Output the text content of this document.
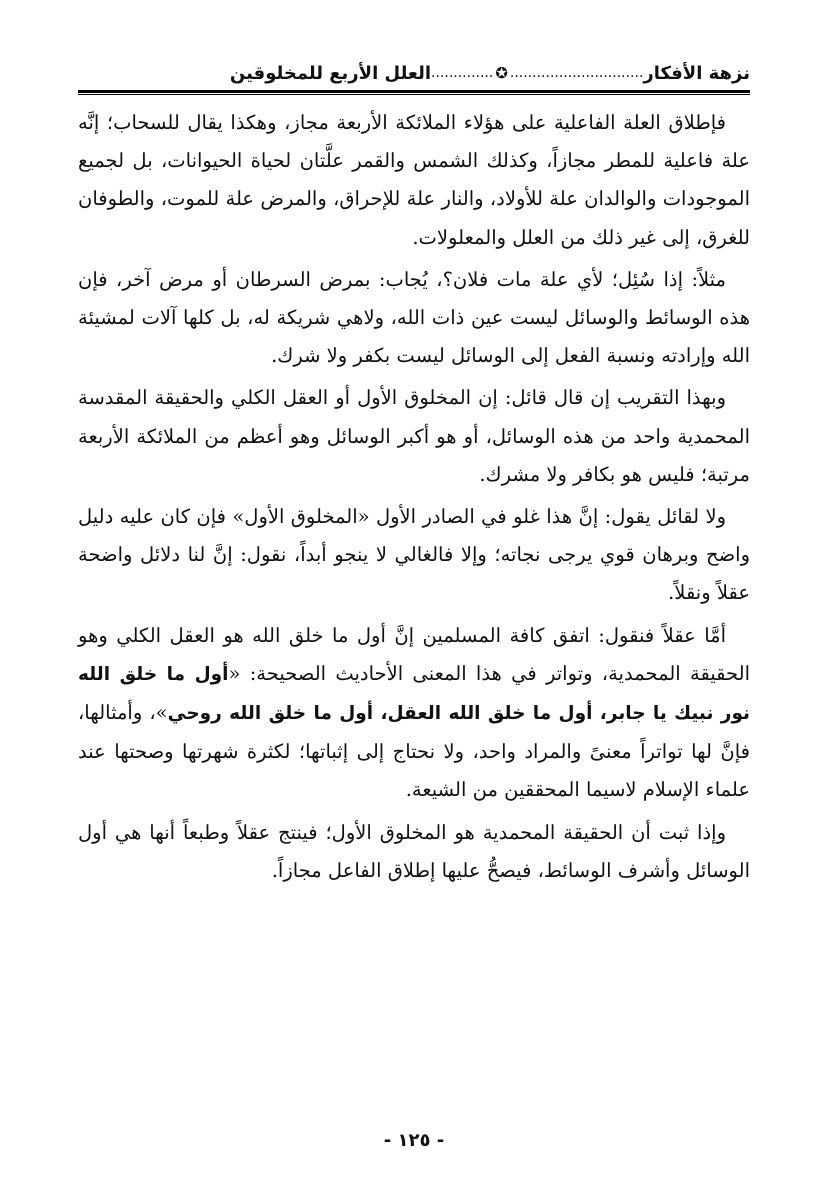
نزهة الأفكار
..............................
✪
..............
العلل الأربع للمخلوقين

فإطلاق العلة الفاعلية على هؤلاء الملائكة الأربعة مجاز، وهكذا يقال للسحاب؛ إنَّه علة فاعلية للمطر مجازاً، وكذلك الشمس والقمر علَّتان لحياة الحيوانات، بل لجميع الموجودات والوالدان علة للأولاد، والنار علة للإحراق، والمرض علة للموت، والطوفان للغرق، إلى غير ذلك من العلل والمعلولات.

مثلاً: إذا سُئِل؛ لأي علة مات فلان؟، يُجاب: بمرض السرطان أو مرض آخر، فإن هذه الوسائط والوسائل ليست عين ذات الله، ولاهي شريكة له، بل كلها آلات لمشيئة الله وإرادته ونسبة الفعل إلى الوسائل ليست بكفر ولا شرك.

وبهذا التقريب إن قال قائل: إن المخلوق الأول أو العقل الكلي والحقيقة المقدسة المحمدية واحد من هذه الوسائل، أو هو أكبر الوسائل وهو أعظم من الملائكة الأربعة مرتبة؛ فليس هو بكافر ولا مشرك.

ولا لقائل يقول: إنَّ هذا غلو في الصادر الأول «المخلوق الأول» فإن كان عليه دليل واضح وبرهان قوي يرجى نجاته؛ وإلا فالغالي لا ينجو أبداً، نقول: إنَّ لنا دلائل واضحة عقلاً ونقلاً.

أمَّا عقلاً فنقول: اتفق كافة المسلمين إنَّ أول ما خلق الله هو العقل الكلي وهو الحقيقة المحمدية، وتواتر في هذا المعنى الأحاديث الصحيحة: «أول ما خلق الله نور نبيك يا جابر، أول ما خلق الله العقل، أول ما خلق الله روحي»، وأمثالها، فإنَّ لها تواتراً معنىً والمراد واحد، ولا نحتاج إلى إثباتها؛ لكثرة شهرتها وصحتها عند علماء الإسلام لاسيما المحققين من الشيعة.

وإذا ثبت أن الحقيقة المحمدية هو المخلوق الأول؛ فينتج عقلاً وطبعاً أنها هي أول الوسائل وأشرف الوسائط، فيصحُّ عليها إطلاق الفاعل مجازاً.

- ١٢٥ -
